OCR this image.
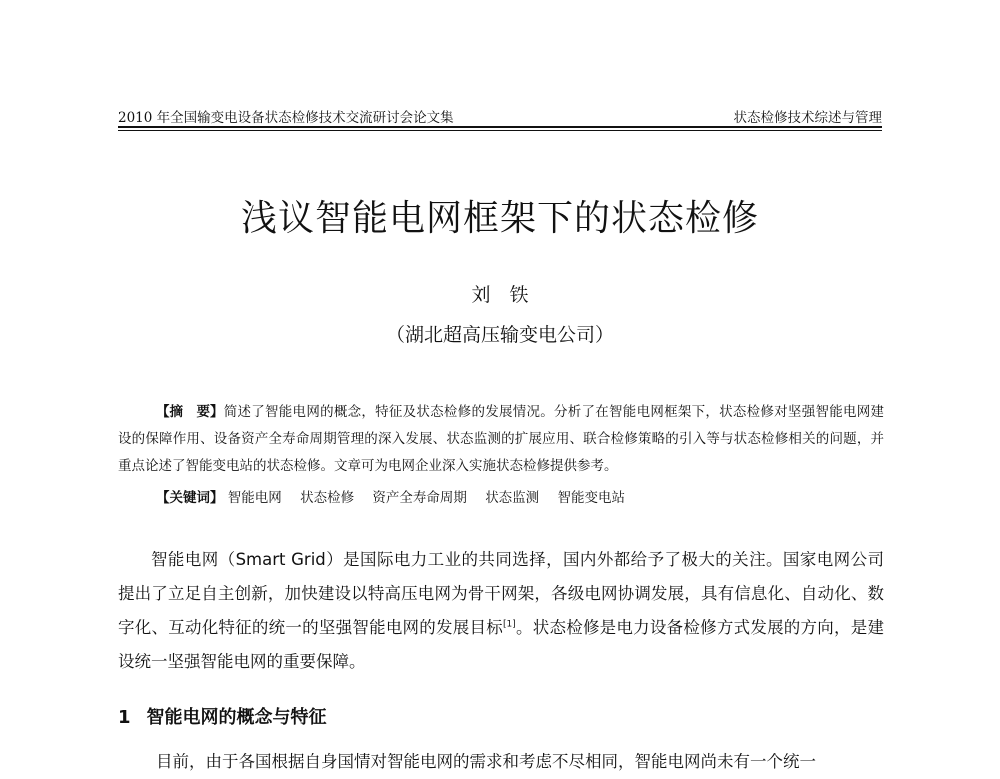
2010 年全国输变电设备状态检修技术交流研讨会论文集	状态检修技术综述与管理
浅议智能电网框架下的状态检修
刘　铁
（湖北超高压输变电公司）
【摘　要】简述了智能电网的概念，特征及状态检修的发展情况。分析了在智能电网框架下，状态检修对坚强智能电网建设的保障作用、设备资产全寿命周期管理的深入发展、状态监测的扩展应用、联合检修策略的引入等与状态检修相关的问题，并重点论述了智能变电站的状态检修。文章可为电网企业深入实施状态检修提供参考。
【关键词】 智能电网 状态检修 资产全寿命周期 状态监测 智能变电站
智能电网（Smart Grid）是国际电力工业的共同选择，国内外都给予了极大的关注。国家电网公司提出了立足自主创新，加快建设以特高压电网为骨干网架，各级电网协调发展，具有信息化、自动化、数字化、互动化特征的统一的坚强智能电网的发展目标[1]。状态检修是电力设备检修方式发展的方向，是建设统一坚强智能电网的重要保障。
1 智能电网的概念与特征
目前，由于各国根据自身国情对智能电网的需求和考虑不尽相同，智能电网尚未有一个统一
